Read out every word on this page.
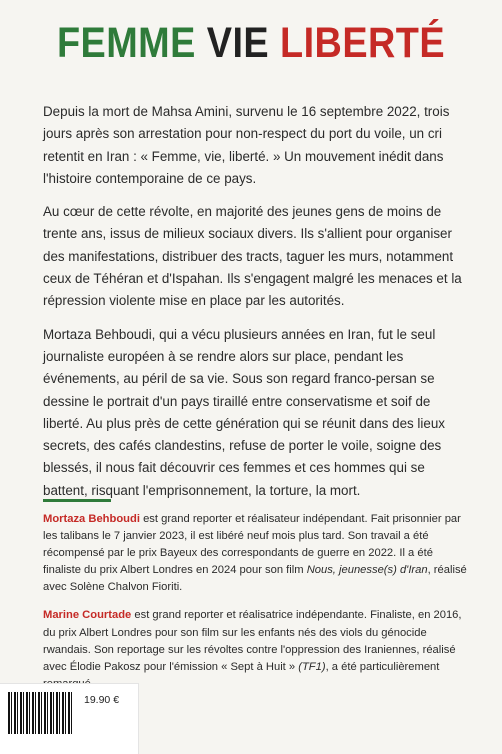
FEMME VIE LIBERTÉ

Depuis la mort de Mahsa Amini, survenu le 16 septembre 2022, trois jours après son arrestation pour non-respect du port du voile, un cri retentit en Iran : « Femme, vie, liberté. » Un mouvement inédit dans l'histoire contemporaine de ce pays.

Au cœur de cette révolte, en majorité des jeunes gens de moins de trente ans, issus de milieux sociaux divers. Ils s'allient pour organiser des manifestations, distribuer des tracts, taguer les murs, notamment ceux de Téhéran et d'Ispahan. Ils s'engagent malgré les menaces et la répression violente mise en place par les autorités.

Mortaza Behboudi, qui a vécu plusieurs années en Iran, fut le seul journaliste européen à se rendre alors sur place, pendant les événements, au péril de sa vie. Sous son regard franco-persan se dessine le portrait d'un pays tiraillé entre conservatisme et soif de liberté. Au plus près de cette génération qui se réunit dans des lieux secrets, des cafés clandestins, refuse de porter le voile, soigne des blessés, il nous fait découvrir ces femmes et ces hommes qui se battent, risquant l'emprisonnement, la torture, la mort.

Mortaza Behboudi est grand reporter et réalisateur indépendant. Fait prisonnier par les talibans le 7 janvier 2023, il est libéré neuf mois plus tard. Son travail a été récompensé par le prix Bayeux des correspondants de guerre en 2022. Il a été finaliste du prix Albert Londres en 2024 pour son film Nous, jeunesse(s) d'Iran, réalisé avec Solène Chalvon Fioriti.

Marine Courtade est grand reporter et réalisatrice indépendante. Finaliste, en 2016, du prix Albert Londres pour son film sur les enfants nés des viols du génocide rwandais. Son reportage sur les révoltes contre l'oppression des Iraniennes, réalisé avec Élodie Pakosz pour l'émission « Sept à Huit » (TF1), a été particulièrement

19.90 €
